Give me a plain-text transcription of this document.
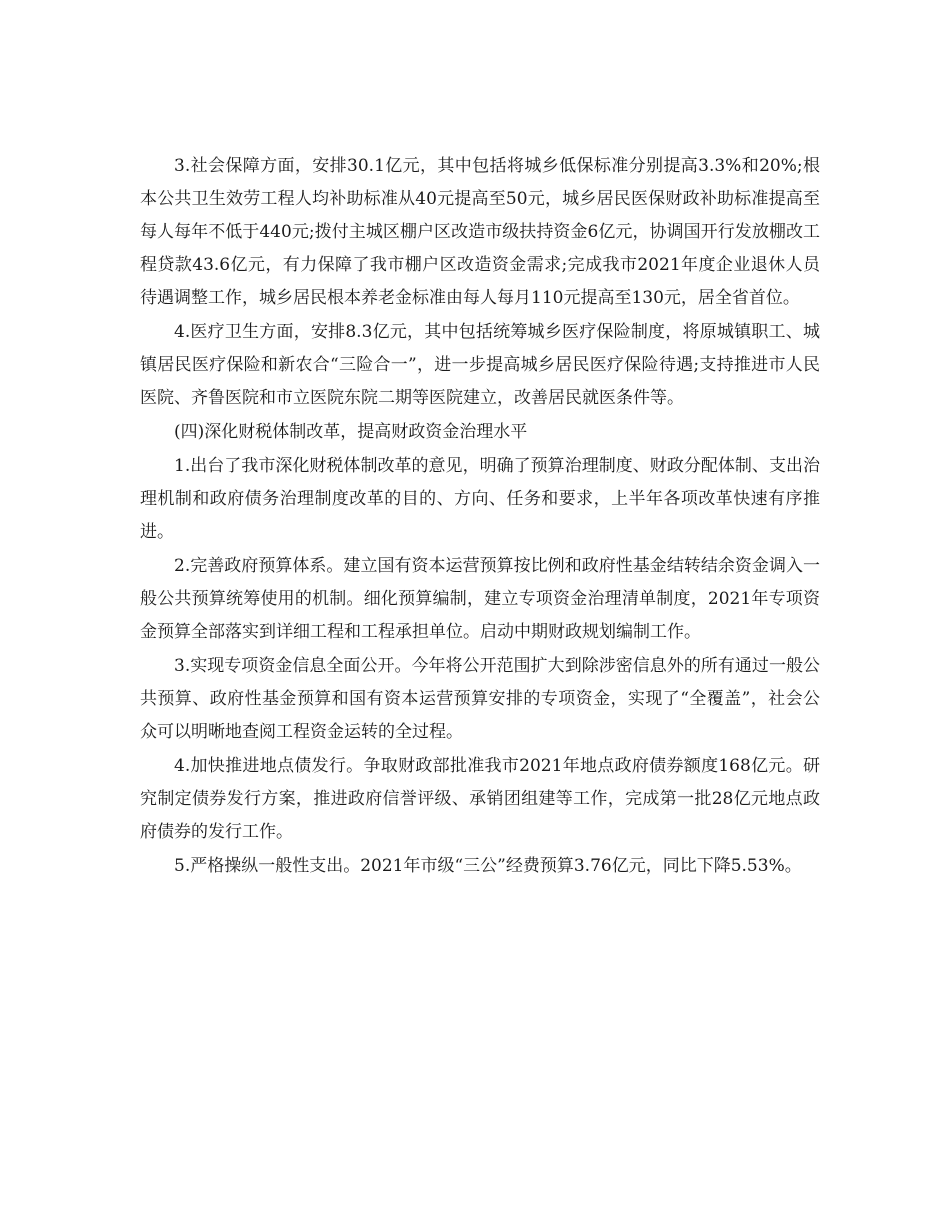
3.社会保障方面，安排30.1亿元，其中包括将城乡低保标准分别提高3.3%和20%;根本公共卫生效劳工程人均补助标准从40元提高至50元，城乡居民医保财政补助标准提高至每人每年不低于440元;拨付主城区棚户区改造市级扶持资金6亿元，协调国开行发放棚改工程贷款43.6亿元，有力保障了我市棚户区改造资金需求;完成我市2021年度企业退休人员待遇调整工作，城乡居民根本养老金标准由每人每月110元提高至130元，居全省首位。

4.医疗卫生方面，安排8.3亿元，其中包括统筹城乡医疗保险制度，将原城镇职工、城镇居民医疗保险和新农合“三险合一”，进一步提高城乡居民医疗保险待遇;支持推进市人民医院、齐鲁医院和市立医院东院二期等医院建立，改善居民就医条件等。

(四)深化财税体制改革，提高财政资金治理水平

1.出台了我市深化财税体制改革的意见，明确了预算治理制度、财政分配体制、支出治理机制和政府债务治理制度改革的目的、方向、任务和要求，上半年各项改革快速有序推进。

2.完善政府预算体系。建立国有资本运营预算按比例和政府性基金结转结余资金调入一般公共预算统筹使用的机制。细化预算编制，建立专项资金治理清单制度，2021年专项资金预算全部落实到详细工程和工程承担单位。启动中期财政规划编制工作。

3.实现专项资金信息全面公开。今年将公开范围扩大到除涉密信息外的所有通过一般公共预算、政府性基金预算和国有资本运营预算安排的专项资金，实现了“全覆盖”，社会公众可以明晰地查阅工程资金运转的全过程。

4.加快推进地点债发行。争取财政部批准我市2021年地点政府债券额度168亿元。研究制定债券发行方案，推进政府信誉评级、承销团组建等工作，完成第一批28亿元地点政府债券的发行工作。

5.严格操纵一般性支出。2021年市级“三公”经费预算3.76亿元，同比下降5.53%。
